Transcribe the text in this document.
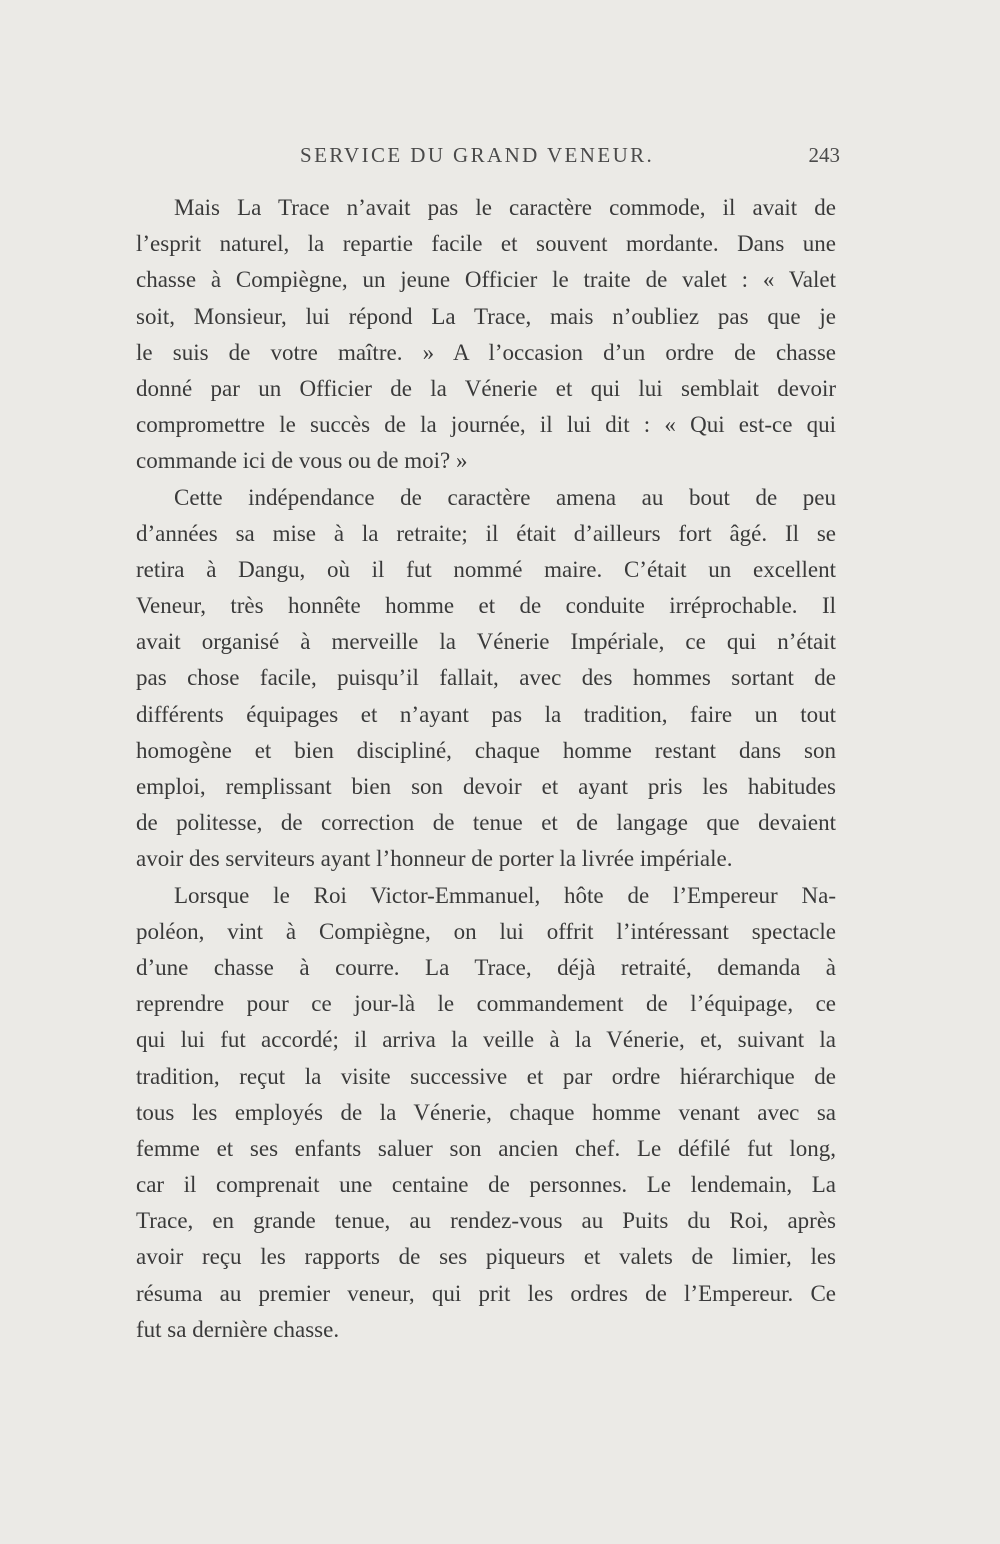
SERVICE DU GRAND VENEUR.	243
Mais La Trace n’avait pas le caractère commode, il avait de
l’esprit naturel, la repartie facile et souvent mordante. Dans une
chasse à Compiègne, un jeune Officier le traite de valet : « Valet
soit, Monsieur, lui répond La Trace, mais n’oubliez pas que je
le suis de votre maître. » A l’occasion d’un ordre de chasse
donné par un Officier de la Vénerie et qui lui semblait devoir
compromettre le succès de la journée, il lui dit : « Qui est-ce qui
commande ici de vous ou de moi? »
Cette indépendance de caractère amena au bout de peu
d’années sa mise à la retraite; il était d’ailleurs fort âgé. Il se
retira à Dangu, où il fut nommé maire. C’était un excellent
Veneur, très honnête homme et de conduite irréprochable. Il
avait organisé à merveille la Vénerie Impériale, ce qui n’était
pas chose facile, puisqu’il fallait, avec des hommes sortant de
différents équipages et n’ayant pas la tradition, faire un tout
homogène et bien discipliné, chaque homme restant dans son
emploi, remplissant bien son devoir et ayant pris les habitudes
de politesse, de correction de tenue et de langage que devaient
avoir des serviteurs ayant l’honneur de porter la livrée impériale.
Lorsque le Roi Victor-Emmanuel, hôte de l’Empereur Na-
poléon, vint à Compiègne, on lui offrit l’intéressant spectacle
d’une chasse à courre. La Trace, déjà retraité, demanda à
reprendre pour ce jour-là le commandement de l’équipage, ce
qui lui fut accordé; il arriva la veille à la Vénerie, et, suivant la
tradition, reçut la visite successive et par ordre hiérarchique de
tous les employés de la Vénerie, chaque homme venant avec sa
femme et ses enfants saluer son ancien chef. Le défilé fut long,
car il comprenait une centaine de personnes. Le lendemain, La
Trace, en grande tenue, au rendez-vous au Puits du Roi, après
avoir reçu les rapports de ses piqueurs et valets de limier, les
résuma au premier veneur, qui prit les ordres de l’Empereur. Ce
fut sa dernière chasse.
